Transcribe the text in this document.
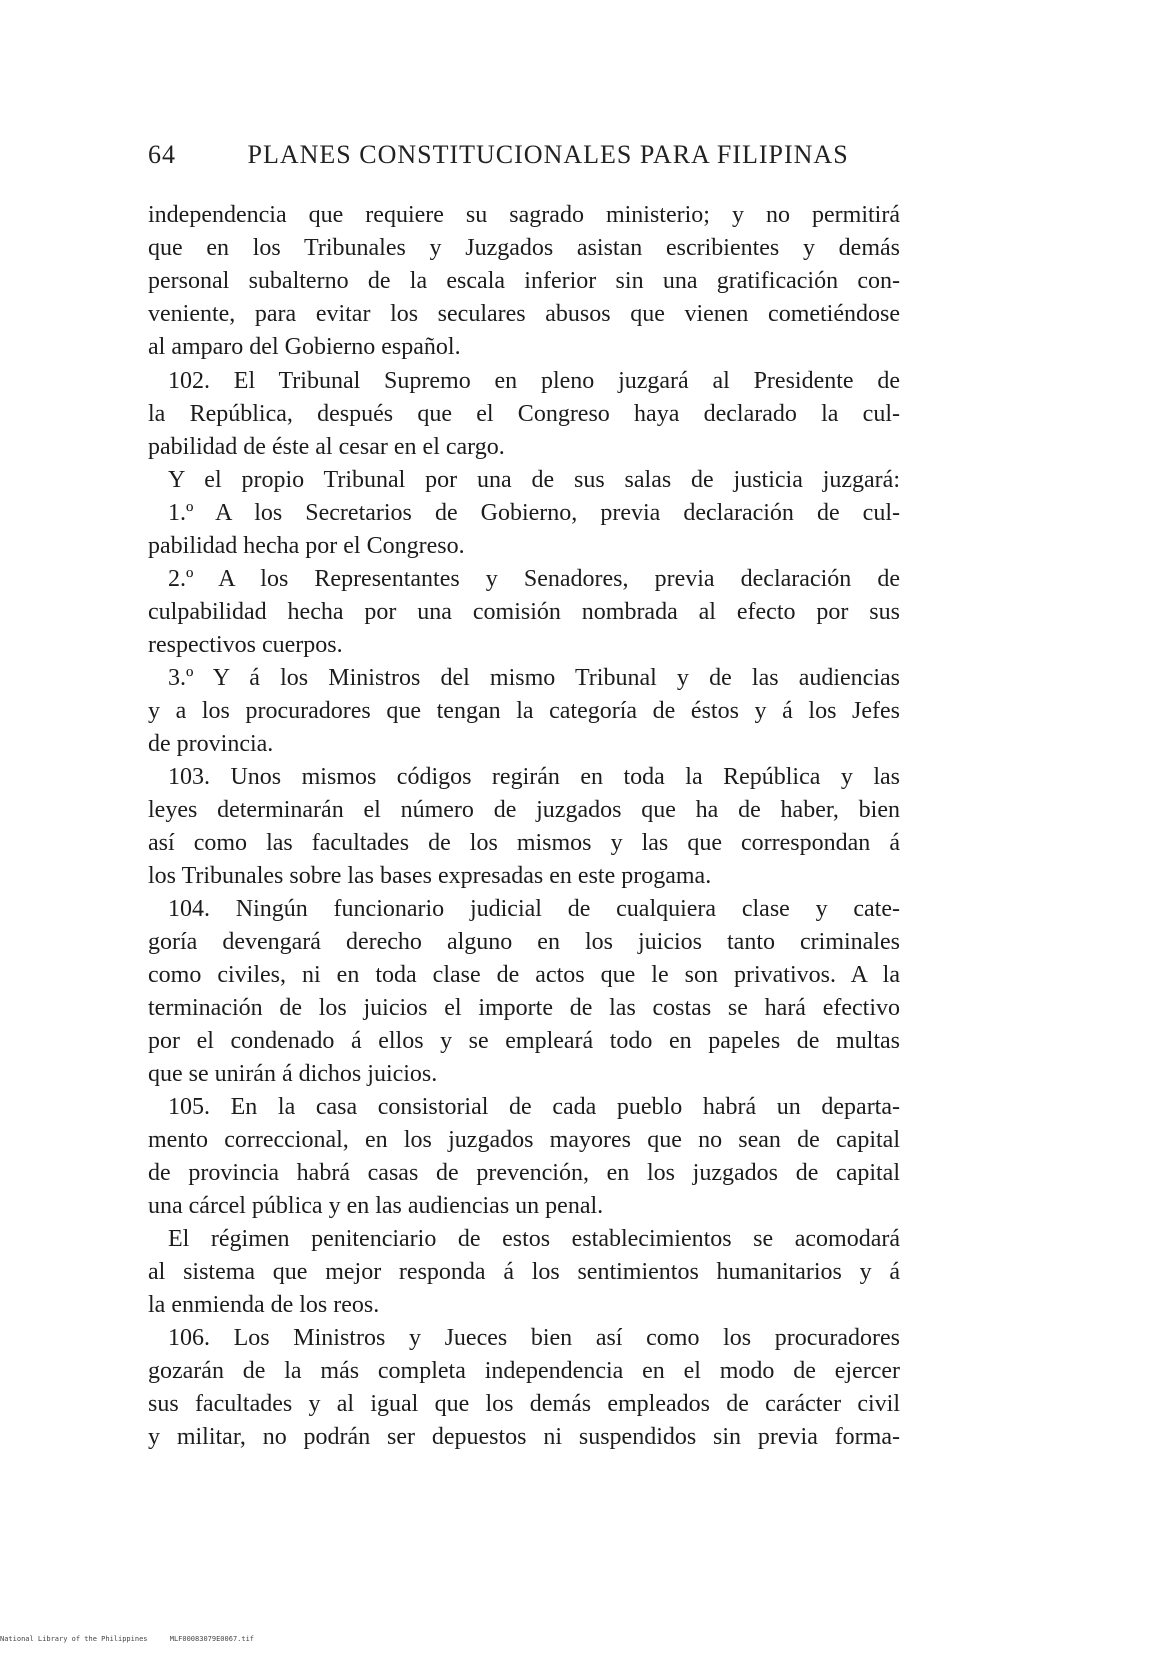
64	PLANES CONSTITUCIONALES PARA FILIPINAS
independencia que requiere su sagrado ministerio; y no permitirá
que en los Tribunales y Juzgados asistan escribientes y demás
personal subalterno de la escala inferior sin una gratificación con-
veniente, para evitar los seculares abusos que vienen cometiéndose
al amparo del Gobierno español.
102. El Tribunal Supremo en pleno juzgará al Presidente de
la República, después que el Congreso haya declarado la cul-
pabilidad de éste al cesar en el cargo.
Y el propio Tribunal por una de sus salas de justicia juzgará:
1.º A los Secretarios de Gobierno, previa declaración de cul-
pabilidad hecha por el Congreso.
2.º A los Representantes y Senadores, previa declaración de
culpabilidad hecha por una comisión nombrada al efecto por sus
respectivos cuerpos.
3.º Y á los Ministros del mismo Tribunal y de las audiencias
y a los procuradores que tengan la categoría de éstos y á los Jefes
de provincia.
103. Unos mismos códigos regirán en toda la República y las
leyes determinarán el número de juzgados que ha de haber, bien
así como las facultades de los mismos y las que correspondan á
los Tribunales sobre las bases expresadas en este progama.
104. Ningún funcionario judicial de cualquiera clase y cate-
goría devengará derecho alguno en los juicios tanto criminales
como civiles, ni en toda clase de actos que le son privativos. A la
terminación de los juicios el importe de las costas se hará efectivo
por el condenado á ellos y se empleará todo en papeles de multas
que se unirán á dichos juicios.
105. En la casa consistorial de cada pueblo habrá un departa-
mento correccional, en los juzgados mayores que no sean de capital
de provincia habrá casas de prevención, en los juzgados de capital
una cárcel pública y en las audiencias un penal.
El régimen penitenciario de estos establecimientos se acomodará
al sistema que mejor responda á los sentimientos humanitarios y á
la enmienda de los reos.
106. Los Ministros y Jueces bien así como los procuradores
gozarán de la más completa independencia en el modo de ejercer
sus facultades y al igual que los demás empleados de carácter civil
y militar, no podrán ser depuestos ni suspendidos sin previa forma-
National Library of the Philippines	MLF00083079E0067.tif
